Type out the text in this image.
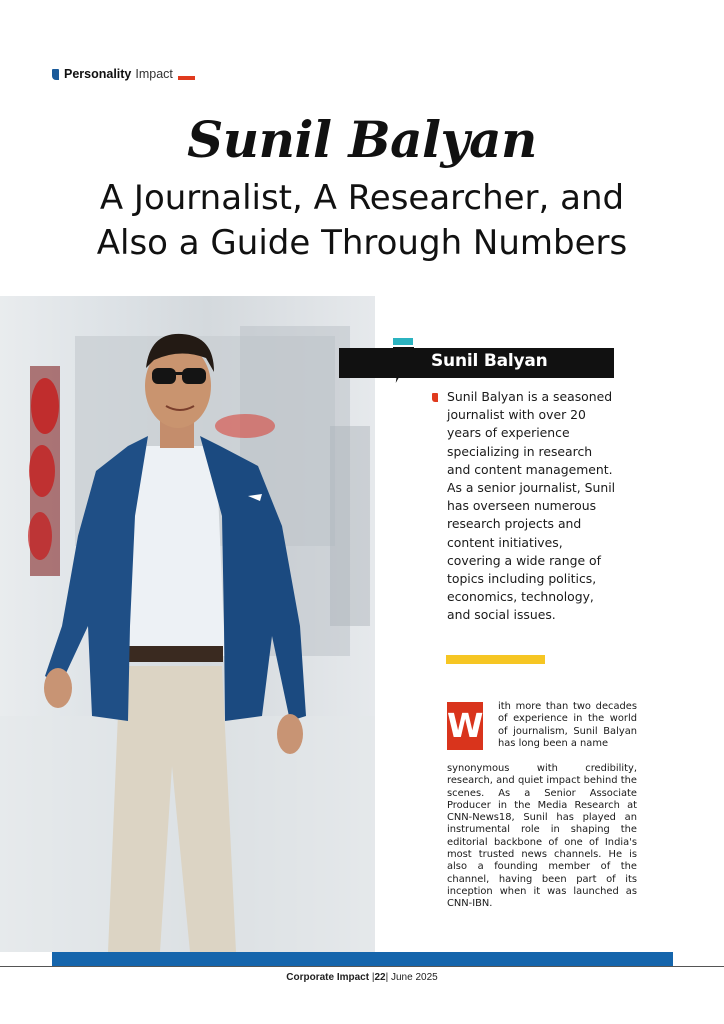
Personality Impact
Sunil Balyan
A Journalist, A Researcher, and
Also a Guide Through Numbers
Sunil Balyan
Sunil Balyan is a seasoned journalist with over 20 years of experience specializing in research and content management. As a senior journalist, Sunil has overseen numerous research projects and content initiatives, covering a wide range of topics including politics, economics, technology, and social issues.
W ith more than two decades of experience in the world of journalism, Sunil Balyan has long been a name
synonymous with credibility, research, and quiet impact behind the scenes. As a Senior Associate Producer in the Media Research at CNN-News18, Sunil has played an instrumental role in shaping the editorial backbone of one of India's most trusted news channels. He is also a founding member of the channel, having been part of its inception when it was launched as CNN-IBN.
Corporate Impact |22| June 2025
